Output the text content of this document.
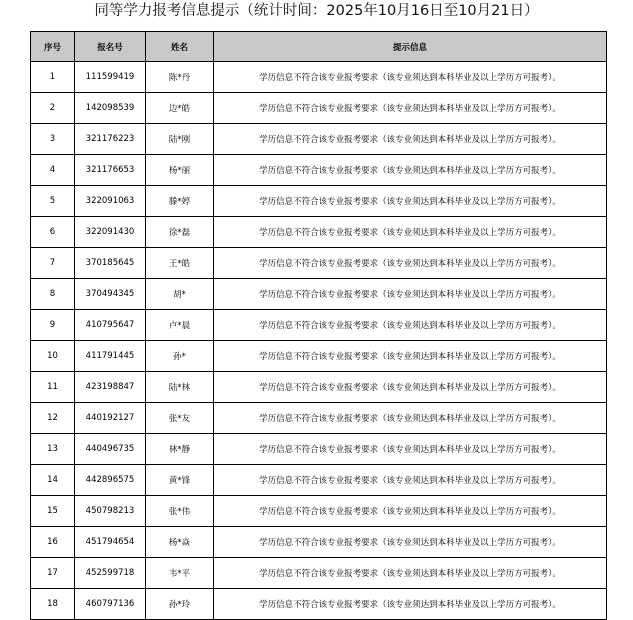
同等学力报考信息提示（统计时间：2025年10月16日至10月21日）
序号	报名号	姓名	提示信息
1	111599419	陈*丹	学历信息不符合该专业报考要求（该专业须达到本科毕业及以上学历方可报考）。
2	142098539	边*皓	学历信息不符合该专业报考要求（该专业须达到本科毕业及以上学历方可报考）。
3	321176223	陆*刚	学历信息不符合该专业报考要求（该专业须达到本科毕业及以上学历方可报考）。
4	321176653	杨*丽	学历信息不符合该专业报考要求（该专业须达到本科毕业及以上学历方可报考）。
5	322091063	滕*婷	学历信息不符合该专业报考要求（该专业须达到本科毕业及以上学历方可报考）。
6	322091430	徐*磊	学历信息不符合该专业报考要求（该专业须达到本科毕业及以上学历方可报考）。
7	370185645	王*皓	学历信息不符合该专业报考要求（该专业须达到本科毕业及以上学历方可报考）。
8	370494345	胡*	学历信息不符合该专业报考要求（该专业须达到本科毕业及以上学历方可报考）。
9	410795647	卢*晨	学历信息不符合该专业报考要求（该专业须达到本科毕业及以上学历方可报考）。
10	411791445	孙*	学历信息不符合该专业报考要求（该专业须达到本科毕业及以上学历方可报考）。
11	423198847	陆*林	学历信息不符合该专业报考要求（该专业须达到本科毕业及以上学历方可报考）。
12	440192127	张*友	学历信息不符合该专业报考要求（该专业须达到本科毕业及以上学历方可报考）。
13	440496735	林*静	学历信息不符合该专业报考要求（该专业须达到本科毕业及以上学历方可报考）。
14	442896575	黄*锋	学历信息不符合该专业报考要求（该专业须达到本科毕业及以上学历方可报考）。
15	450798213	张*伟	学历信息不符合该专业报考要求（该专业须达到本科毕业及以上学历方可报考）。
16	451794654	杨*焱	学历信息不符合该专业报考要求（该专业须达到本科毕业及以上学历方可报考）。
17	452599718	韦*平	学历信息不符合该专业报考要求（该专业须达到本科毕业及以上学历方可报考）。
18	460797136	孙*玲	学历信息不符合该专业报考要求（该专业须达到本科毕业及以上学历方可报考）。
